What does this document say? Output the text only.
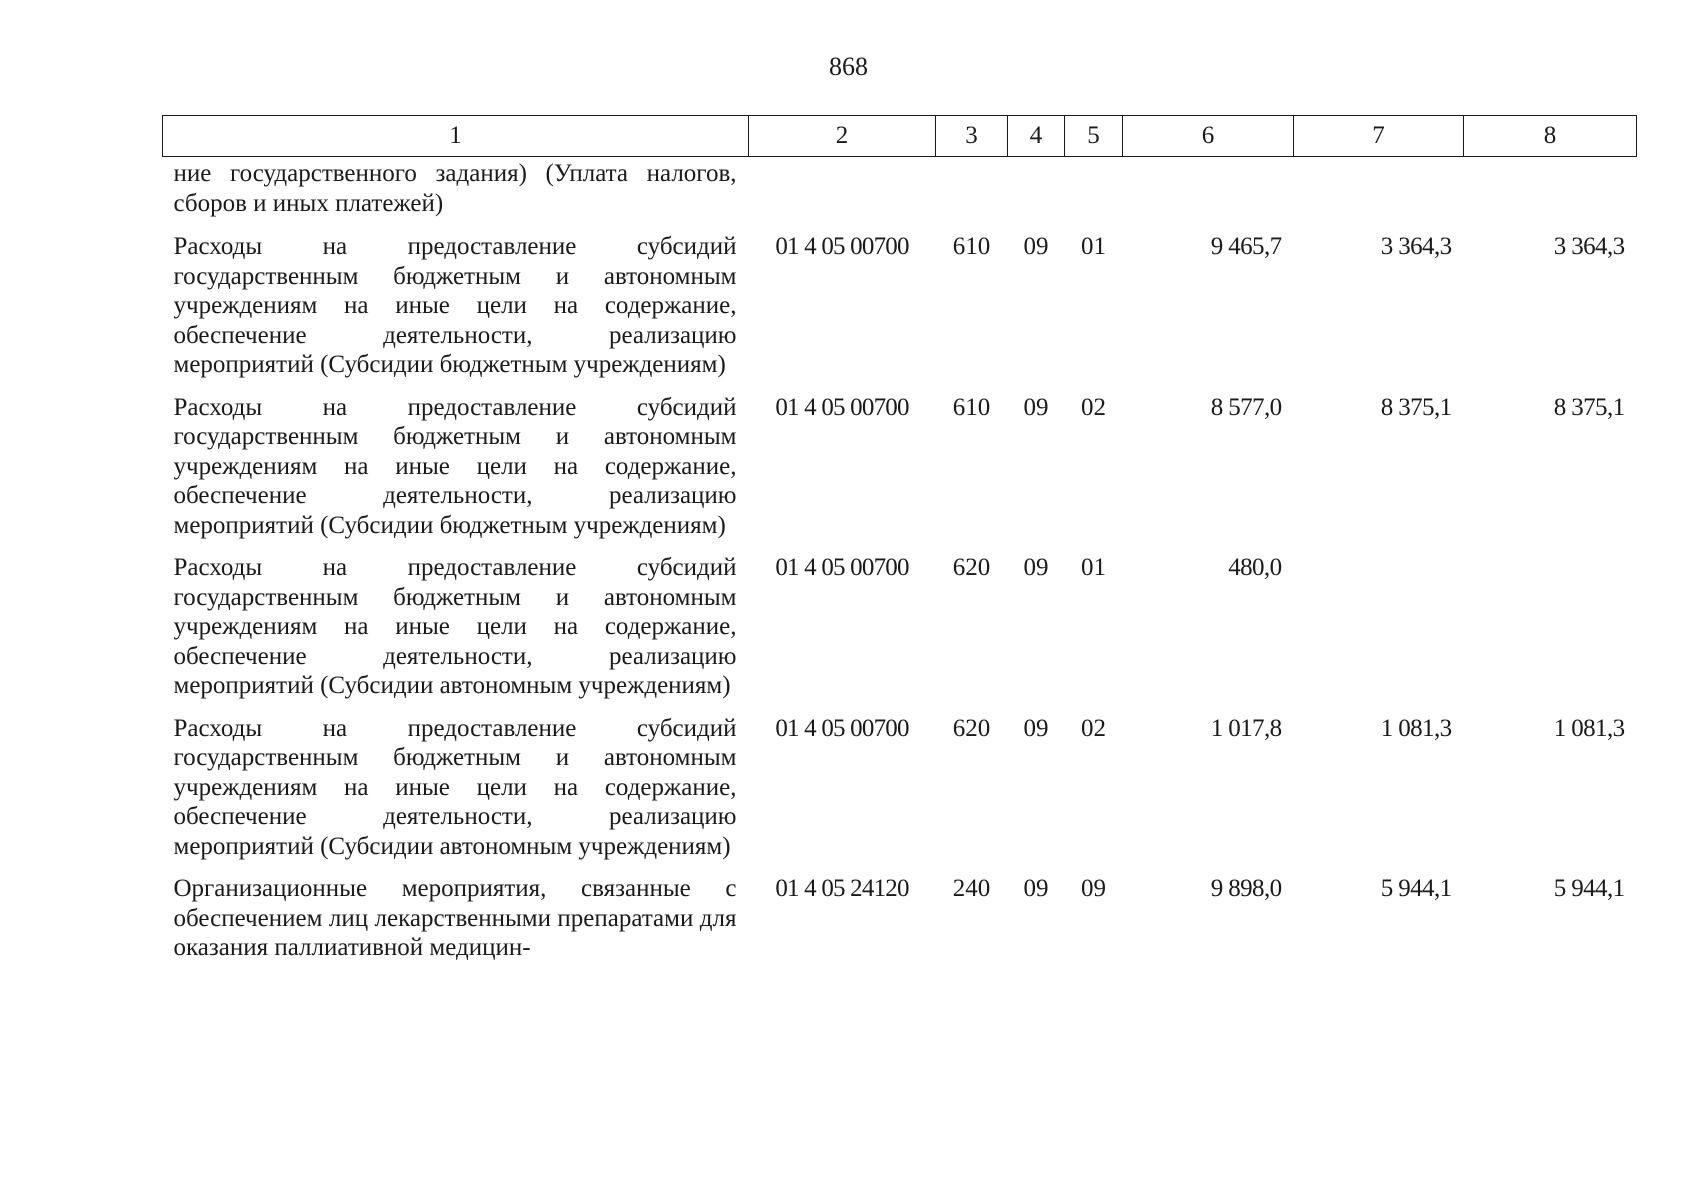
868
1	2	3	4	5	6	7	8
ние государственного задания) (Уплата налогов, сборов и иных платежей)							
Расходы на предоставление субсидий государственным бюджетным и автономным учреждениям на иные цели на содержание, обеспечение деятельности, реализацию мероприятий (Субсидии бюджетным учреждениям)	01 4 05 00700	610	09	01	9 465,7	3 364,3	3 364,3
Расходы на предоставление субсидий государственным бюджетным и автономным учреждениям на иные цели на содержание, обеспечение деятельности, реализацию мероприятий (Субсидии бюджетным учреждениям)	01 4 05 00700	610	09	02	8 577,0	8 375,1	8 375,1
Расходы на предоставление субсидий государственным бюджетным и автономным учреждениям на иные цели на содержание, обеспечение деятельности, реализацию мероприятий (Субсидии автономным учреждениям)	01 4 05 00700	620	09	01	480,0		
Расходы на предоставление субсидий государственным бюджетным и автономным учреждениям на иные цели на содержание, обеспечение деятельности, реализацию мероприятий (Субсидии автономным учреждениям)	01 4 05 00700	620	09	02	1 017,8	1 081,3	1 081,3
Организационные мероприятия, связанные с обеспечением лиц лекарственными препаратами для оказания паллиативной медицин-	01 4 05 24120	240	09	09	9 898,0	5 944,1	5 944,1
